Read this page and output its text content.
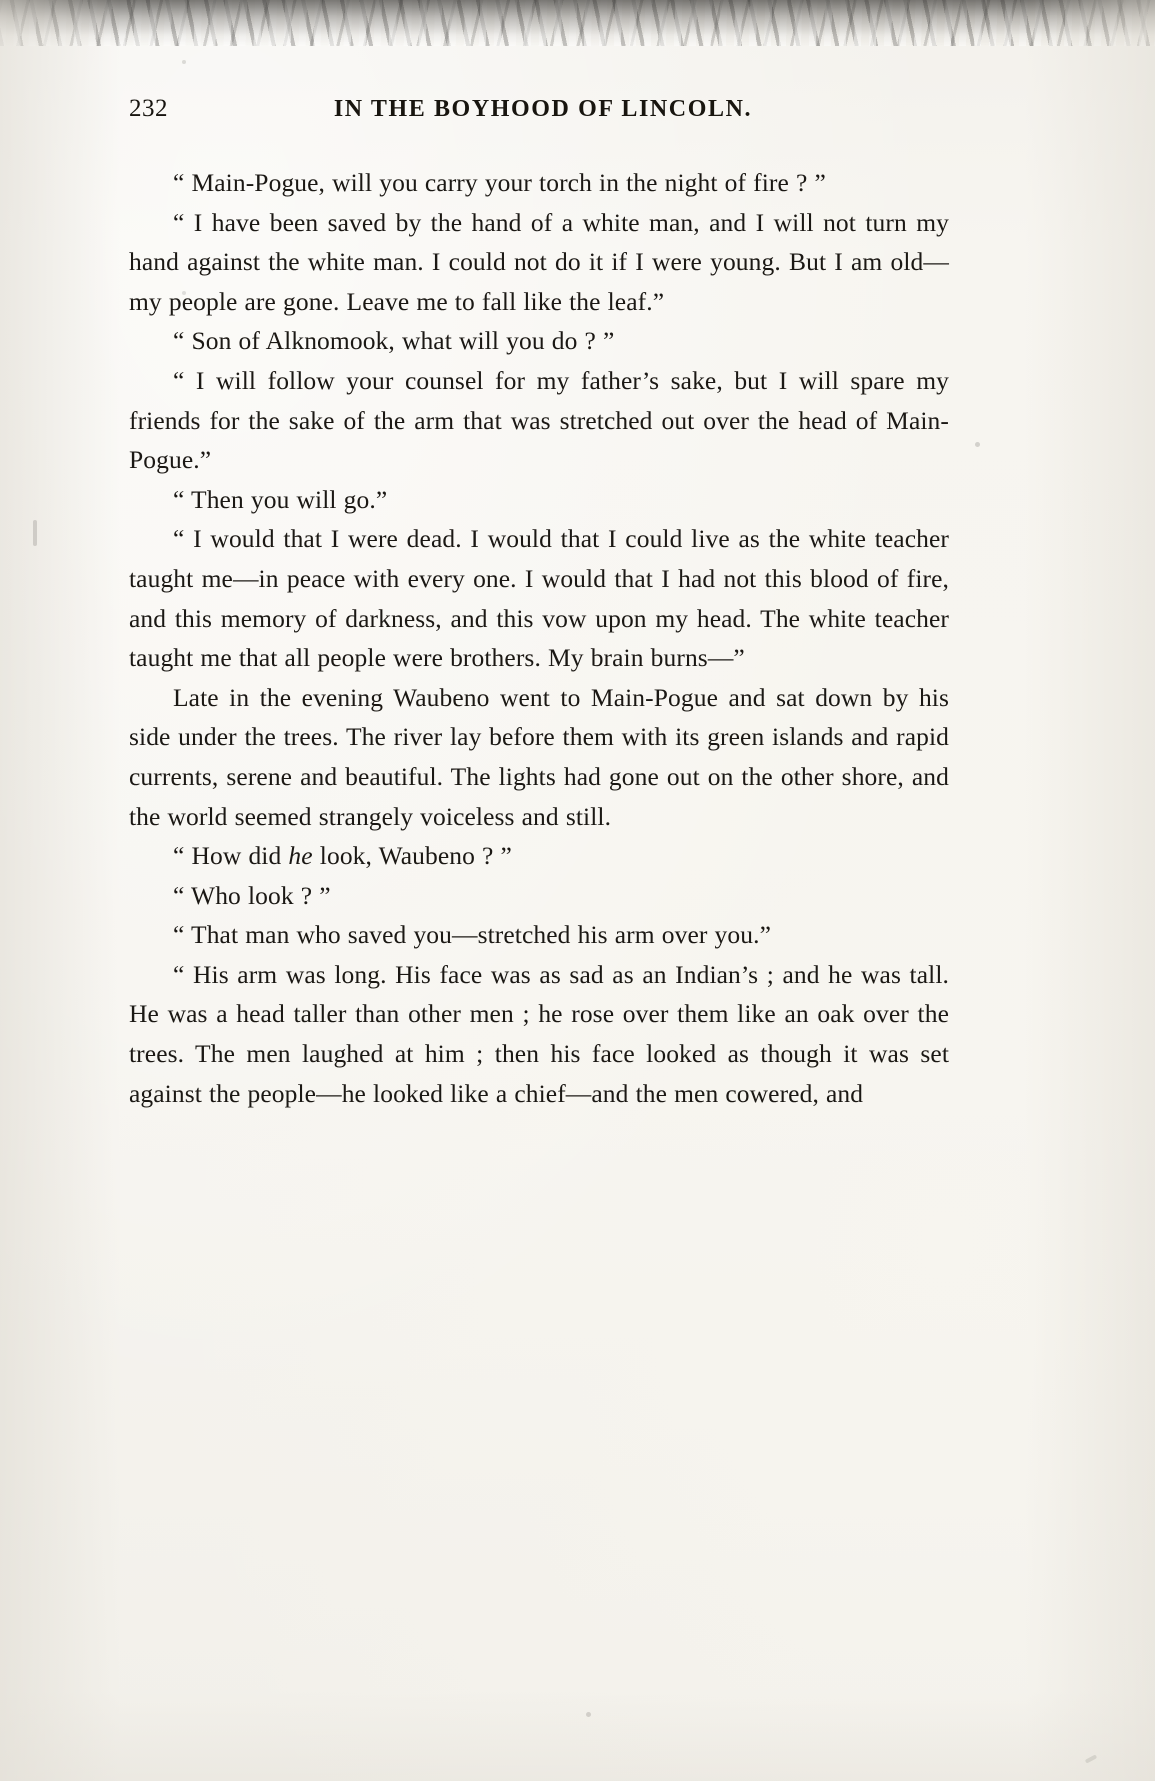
232	IN THE BOYHOOD OF LINCOLN.

“ Main-Pogue, will you carry your torch in the night of fire ? ”

“ I have been saved by the hand of a white man, and I will not turn my hand against the white man. I could not do it if I were young. But I am old—my people are gone. Leave me to fall like the leaf.”

“ Son of Alknomook, what will you do ? ”

“ I will follow your counsel for my father’s sake, but I will spare my friends for the sake of the arm that was stretched out over the head of Main-Pogue.”

“ Then you will go.”

“ I would that I were dead. I would that I could live as the white teacher taught me—in peace with every one. I would that I had not this blood of fire, and this memory of darkness, and this vow upon my head. The white teacher taught me that all people were brothers. My brain burns—”

Late in the evening Waubeno went to Main-Pogue and sat down by his side under the trees. The river lay before them with its green islands and rapid currents, serene and beautiful. The lights had gone out on the other shore, and the world seemed strangely voiceless and still.

“ How did he look, Waubeno ? ”

“ Who look ? ”

“ That man who saved you—stretched his arm over you.”

“ His arm was long. His face was as sad as an Indian’s ; and he was tall. He was a head taller than other men ; he rose over them like an oak over the trees. The men laughed at him ; then his face looked as though it was set against the people—he looked like a chief—and the men cowered, and
